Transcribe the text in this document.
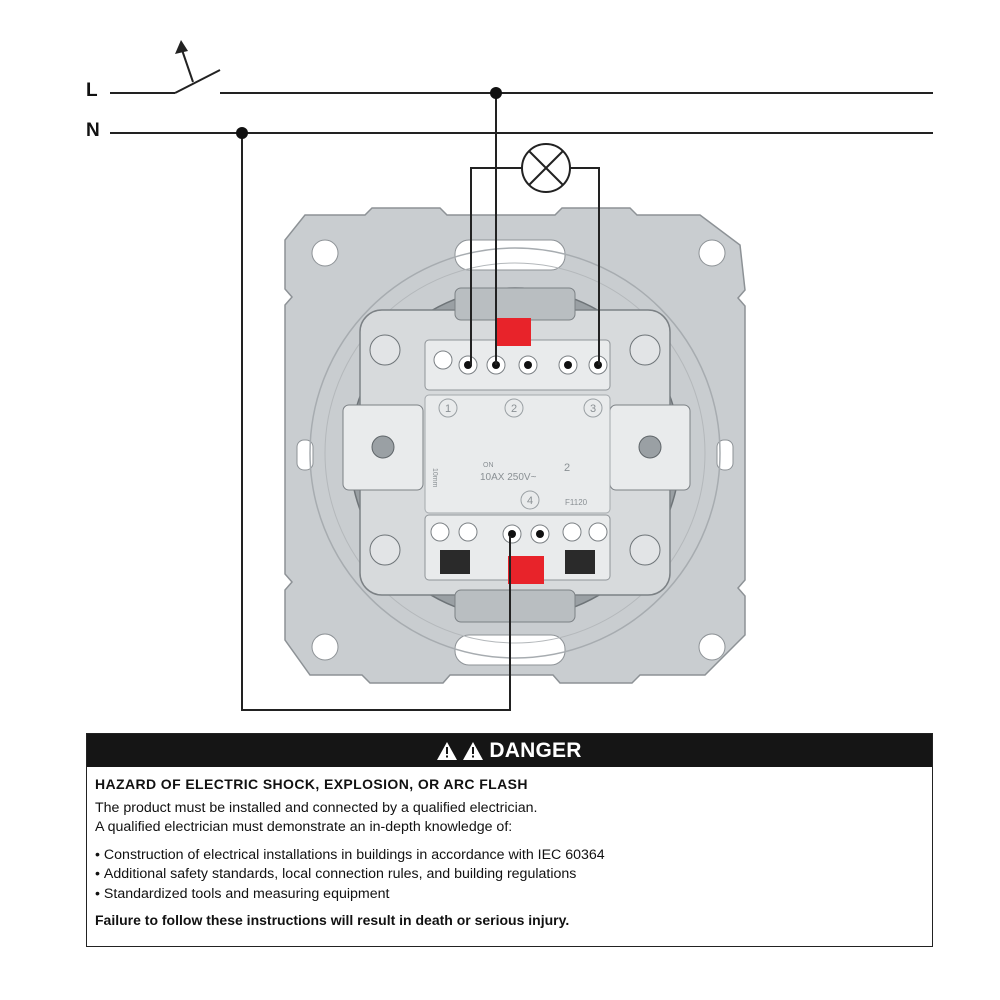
1	2	3
4
2
ON
10AX 250V~
F1120
10mm
L
N
DANGER
HAZARD OF ELECTRIC SHOCK, EXPLOSION, OR ARC FLASH

The product must be installed and connected by a qualified electrician.

A qualified electrician must demonstrate an in-depth knowledge of:

• Construction of electrical installations in buildings in accordance with IEC 60364
• Additional safety standards, local connection rules, and building regulations
• Standardized tools and measuring equipment
Failure to follow these instructions will result in death or serious injury.
